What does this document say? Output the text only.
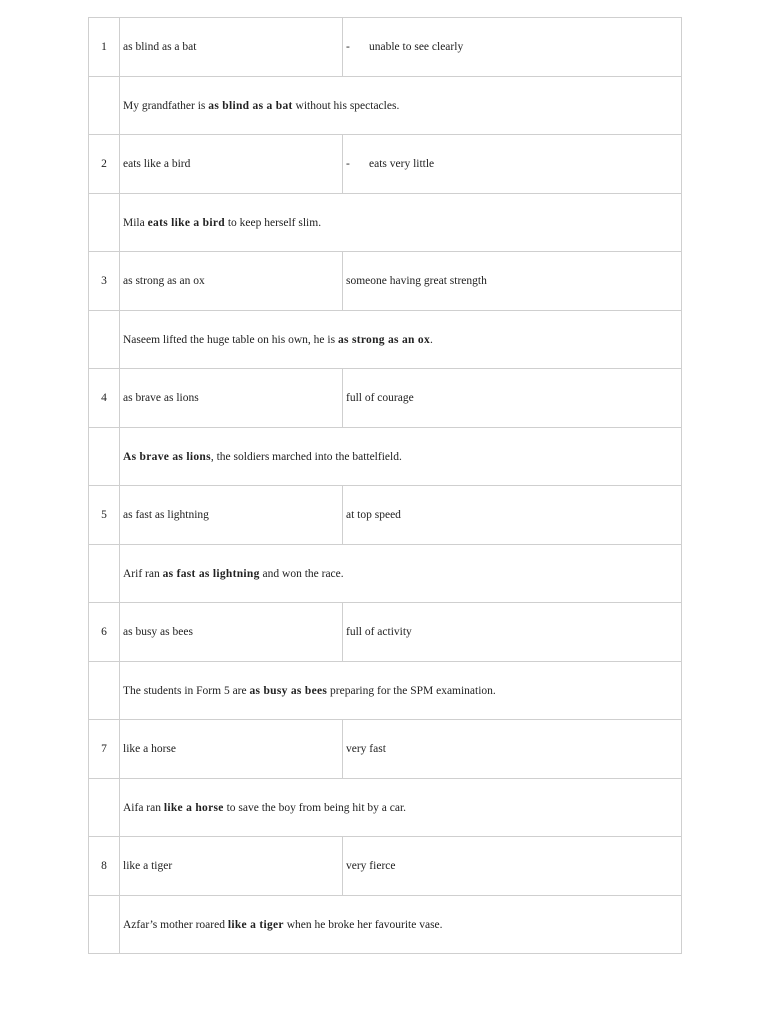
1	as blind as a bat	- unable to see clearly

	My grandfather is as blind as a bat without his spectacles.	

2	eats like a bird	- eats very little

	Mila eats like a bird to keep herself slim.	

3	as strong as an ox	someone having great strength

	Naseem lifted the huge table on his own, he is as strong as an ox.	

4	as brave as lions	full of courage

	As brave as lions, the soldiers marched into the battelfield.	

5	as fast as lightning	at top speed

	Arif ran as fast as lightning and won the race.	

6	as busy as bees	full of activity

	The students in Form 5 are as busy as bees preparing for the SPM examination.	

7	like a horse	very fast

	Aifa ran like a horse to save the boy from being hit by a car.	

8	like a tiger	very fierce

	Azfar’s mother roared like a tiger when he broke her favourite vase.	
